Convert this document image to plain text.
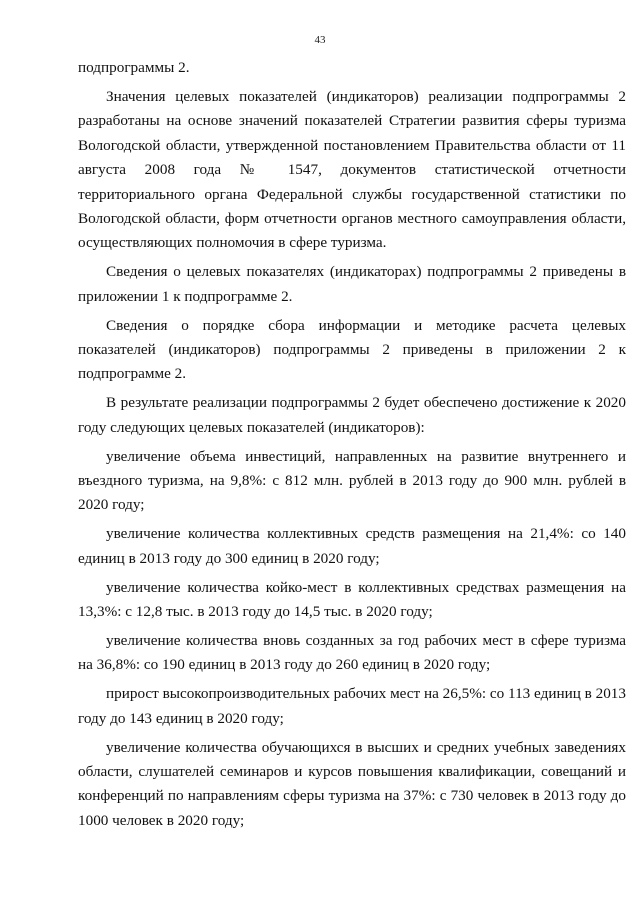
43

подпрограммы 2.

Значения целевых показателей (индикаторов) реализации подпрограммы 2 разработаны на основе значений показателей Стратегии развития сферы туризма Вологодской области, утвержденной постановлением Правительства области от 11 августа 2008 года № 1547, документов статистической отчетности территориального органа Федеральной службы государственной статистики по Вологодской области, форм отчетности органов местного самоуправления области, осуществляющих полномочия в сфере туризма.

Сведения о целевых показателях (индикаторах) подпрограммы 2 приведены в приложении 1 к подпрограмме 2.

Сведения о порядке сбора информации и методике расчета целевых показателей (индикаторов) подпрограммы 2 приведены в приложении 2 к подпрограмме 2.

В результате реализации подпрограммы 2 будет обеспечено достижение к 2020 году следующих целевых показателей (индикаторов):

увеличение объема инвестиций, направленных на развитие внутреннего и въездного туризма, на 9,8%: с 812 млн. рублей в 2013 году до 900 млн. рублей в 2020 году;

увеличение количества коллективных средств размещения на 21,4%: со 140 единиц в 2013 году до 300 единиц в 2020 году;

увеличение количества койко-мест в коллективных средствах размещения на 13,3%: с 12,8 тыс. в 2013 году до 14,5 тыс. в 2020 году;

увеличение количества вновь созданных за год рабочих мест в сфере туризма на 36,8%: со 190 единиц в 2013 году до 260 единиц в 2020 году;

прирост высокопроизводительных рабочих мест на 26,5%: со 113 единиц в 2013 году до 143 единиц в 2020 году;

увеличение количества обучающихся в высших и средних учебных заведениях области, слушателей семинаров и курсов повышения квалификации, совещаний и конференций по направлениям сферы туризма на 37%: с 730 человек в 2013 году до 1000 человек в 2020 году;
